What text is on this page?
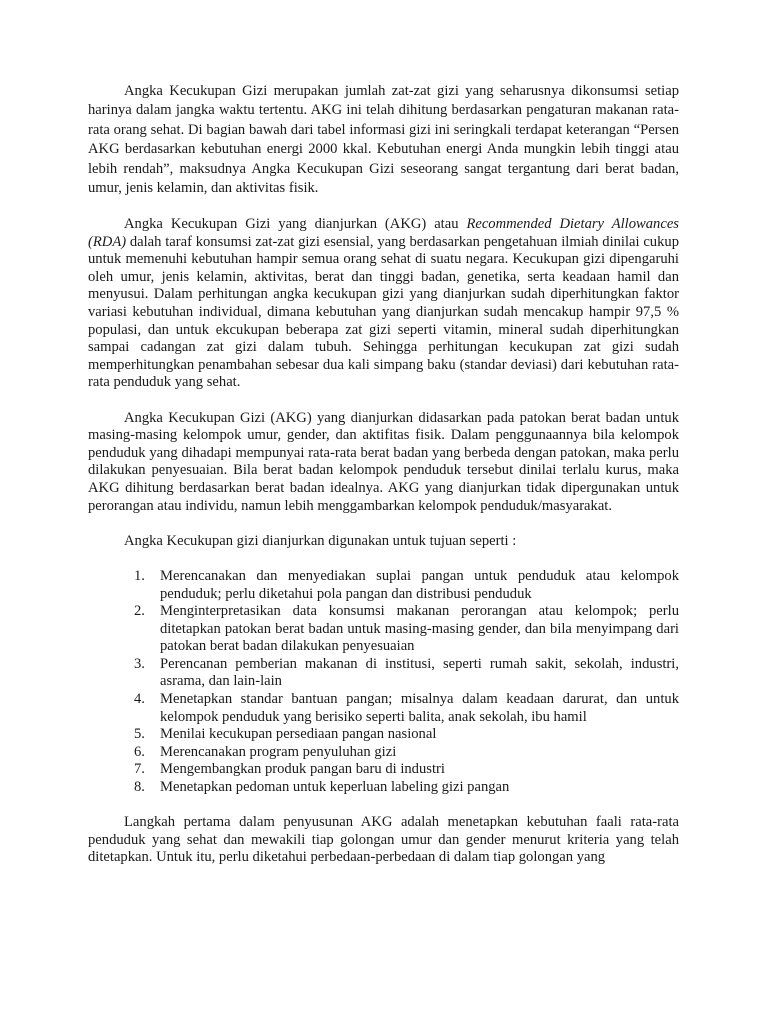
Angka Kecukupan Gizi merupakan jumlah zat-zat gizi yang seharusnya dikonsumsi setiap harinya dalam jangka waktu tertentu. AKG ini telah dihitung berdasarkan pengaturan makanan rata-rata orang sehat. Di bagian bawah dari tabel informasi gizi ini seringkali terdapat keterangan “Persen AKG berdasarkan kebutuhan energi 2000 kkal. Kebutuhan energi Anda mungkin lebih tinggi atau lebih rendah”, maksudnya Angka Kecukupan Gizi seseorang sangat tergantung dari berat badan, umur, jenis kelamin, dan aktivitas fisik.

Angka Kecukupan Gizi yang dianjurkan (AKG) atau Recommended Dietary Allowances (RDA) dalah taraf konsumsi zat-zat gizi esensial, yang berdasarkan pengetahuan ilmiah dinilai cukup untuk memenuhi kebutuhan hampir semua orang sehat di suatu negara. Kecukupan gizi dipengaruhi oleh umur, jenis kelamin, aktivitas, berat dan tinggi badan, genetika, serta keadaan hamil dan menyusui. Dalam perhitungan angka kecukupan gizi yang dianjurkan sudah diperhitungkan faktor variasi kebutuhan individual, dimana kebutuhan yang dianjurkan sudah mencakup hampir 97,5 % populasi, dan untuk ekcukupan beberapa zat gizi seperti vitamin, mineral sudah diperhitungkan sampai cadangan zat gizi dalam tubuh. Sehingga perhitungan kecukupan zat gizi sudah memperhitungkan penambahan sebesar dua kali simpang baku (standar deviasi) dari kebutuhan rata-rata penduduk yang sehat.

Angka Kecukupan Gizi (AKG) yang dianjurkan didasarkan pada patokan berat badan untuk masing-masing kelompok umur, gender, dan aktifitas fisik. Dalam penggunaannya bila kelompok penduduk yang dihadapi mempunyai rata-rata berat badan yang berbeda dengan patokan, maka perlu dilakukan penyesuaian. Bila berat badan kelompok penduduk tersebut dinilai terlalu kurus, maka AKG dihitung berdasarkan berat badan idealnya. AKG yang dianjurkan tidak dipergunakan untuk perorangan atau individu, namun lebih menggambarkan kelompok penduduk/masyarakat.

Angka Kecukupan gizi dianjurkan digunakan untuk tujuan seperti :

1. Merencanakan dan menyediakan suplai pangan untuk penduduk atau kelompok penduduk; perlu diketahui pola pangan dan distribusi penduduk
2. Menginterpretasikan data konsumsi makanan perorangan atau kelompok; perlu ditetapkan patokan berat badan untuk masing-masing gender, dan bila menyimpang dari patokan berat badan dilakukan penyesuaian
3. Perencanan pemberian makanan di institusi, seperti rumah sakit, sekolah, industri, asrama, dan lain-lain
4. Menetapkan standar bantuan pangan; misalnya dalam keadaan darurat, dan untuk kelompok penduduk yang berisiko seperti balita, anak sekolah, ibu hamil
5. Menilai kecukupan persediaan pangan nasional
6. Merencanakan program penyuluhan gizi
7. Mengembangkan produk pangan baru di industri
8. Menetapkan pedoman untuk keperluan labeling gizi pangan

Langkah pertama dalam penyusunan AKG adalah menetapkan kebutuhan faali rata-rata penduduk yang sehat dan mewakili tiap golongan umur dan gender menurut kriteria yang telah ditetapkan. Untuk itu, perlu diketahui perbedaan-perbedaan di dalam tiap golongan yang
